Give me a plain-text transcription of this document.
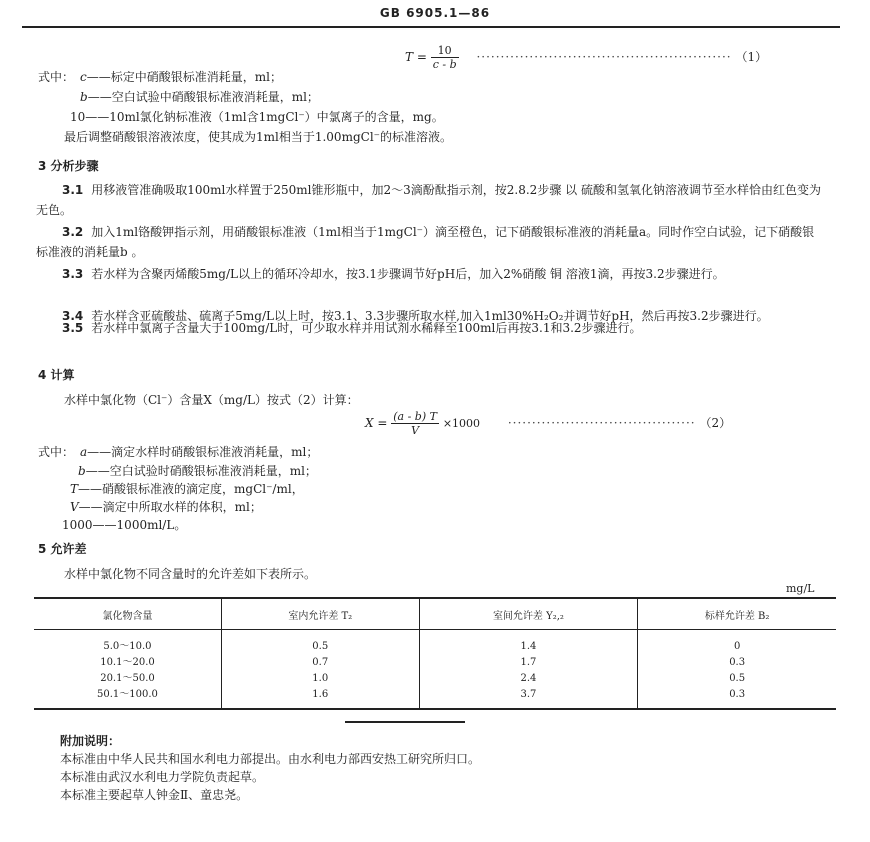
GB 6905.1—86
$T = \frac{10}{c - b}$ ····················································· （1）
式中： c——标定中硝酸银标准消耗量，ml；
b——空白试验中硝酸银标准液消耗量，ml；
10——10ml氯化钠标准液（1ml含1mgCl⁻）中氯离子的含量，mg。
最后调整硝酸银溶液浓度，使其成为1ml相当于1.00mgCl⁻的标准溶液。
3 分析步骤
3.1 用移液管准确吸取100ml水样置于250ml锥形瓶中，加2～3滴酚酞指示剂，按2.8.2步骤 以 硫酸和氢氧化钠溶液调节至水样恰由红色变为无色。
3.2 加入1ml铬酸钾指示剂，用硝酸银标准液（1ml相当于1mgCl⁻）滴至橙色，记下硝酸银标准液的消耗量a。同时作空白试验，记下硝酸银标准液的消耗量b 。
3.3 若水样为含聚丙烯酸5mg/L以上的循环冷却水，按3.1步骤调节好pH后，加入2%硝酸 铜 溶液1滴，再按3.2步骤进行。
3.4 若水样含亚硫酸盐、硫离子5mg/L以上时，按3.1、3.3步骤所取水样,加入1ml30%H₂O₂并调节好pH，然后再按3.2步骤进行。
3.5 若水样中氯离子含量大于100mg/L时，可少取水样并用试剂水稀释至100ml后再按3.1和3.2步骤进行。
4 计算
水样中氯化物（Cl⁻）含量X（mg/L）按式（2）计算：
$X = \frac{(a - b) T}{V} \times 1000$ ······································· （2）
式中： a——滴定水样时硝酸银标准液消耗量，ml；
b——空白试验时硝酸银标准液消耗量，ml；
T——硝酸银标准液的滴定度，mgCl⁻/ml，
V——滴定中所取水样的体积，ml；
1000——1000ml/L。
5 允许差
水样中氯化物不同含量时的允许差如下表所示。
mg/L
氯化物含量	室内允许差 T₂	室间允许差 Y₂,₂	标样允许差 B₂
5.0～10.0	0.5	1.4	0
10.1～20.0	0.7	1.7	0.3
20.1～50.0	1.0	2.4	0.5
50.1～100.0	1.6	3.7	0.3
附加说明：
本标准由中华人民共和国水利电力部提出。由水利电力部西安热工研究所归口。
本标准由武汉水利电力学院负责起草。
本标准主要起草人钟金Ⅱ、童忠尧。
